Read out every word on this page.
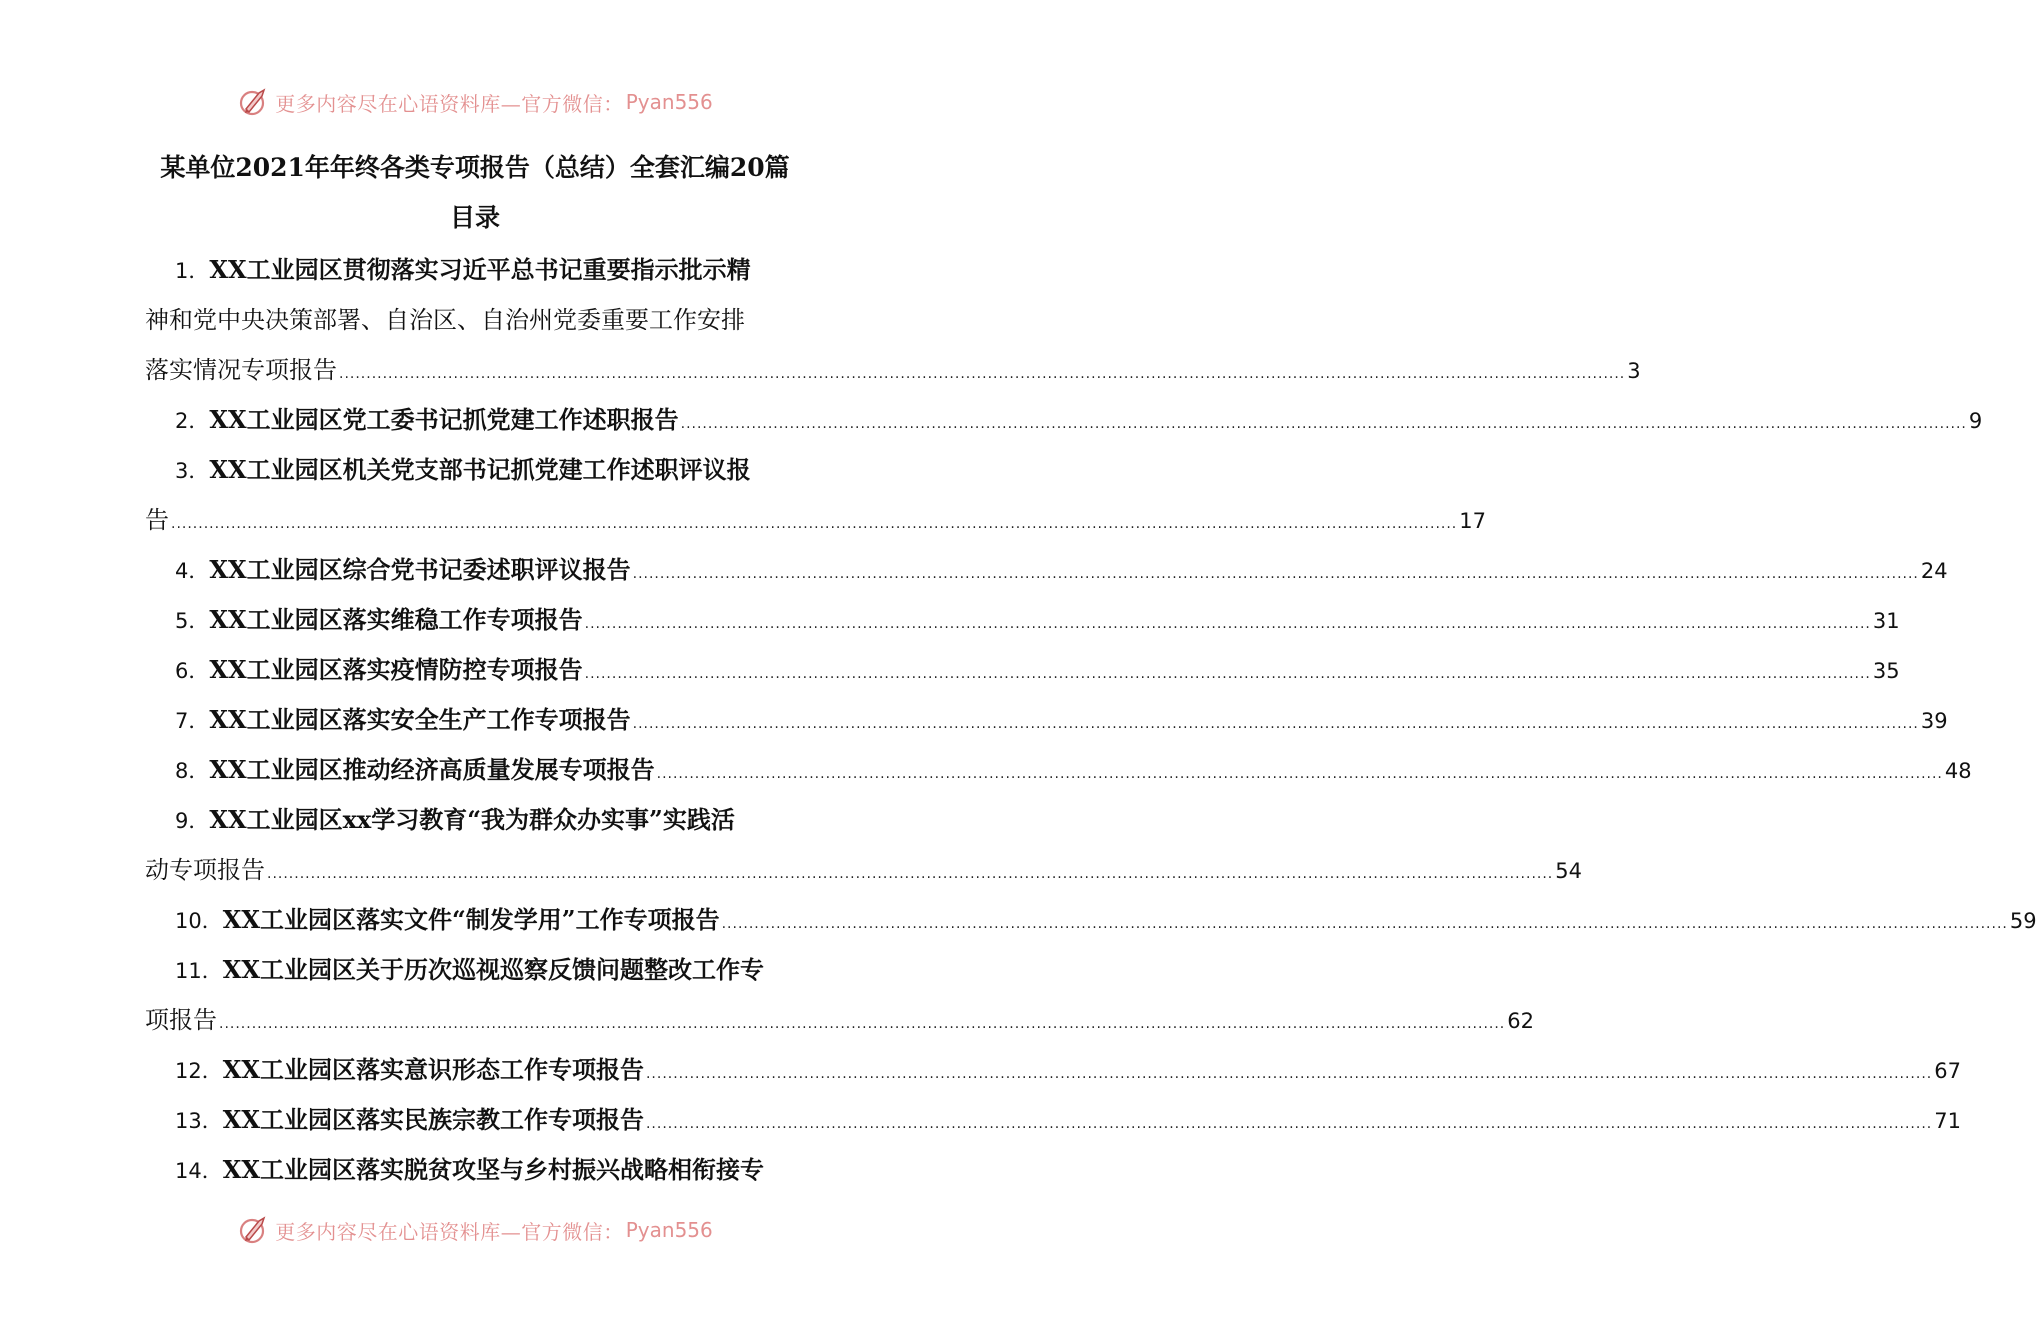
更多内容尽在心语资料库—官方微信： Pyan556
某单位2021年年终各类专项报告（总结）全套汇编20篇
目录
1．XX工业园区贯彻落实习近平总书记重要指示批示精
神和党中央决策部署、自治区、自治州党委重要工作安排
落实情况专项报告 ............................................................................................................................................................................................................................................ 3
2． XX工业园区党工委书记抓党建工作述职报告 ............................................................................................................................................................................................................................................ 9
3．XX工业园区机关党支部书记抓党建工作述职评议报
告 ............................................................................................................................................................................................................................................ 17
4． XX工业园区综合党书记委述职评议报告 ............................................................................................................................................................................................................................................ 24
5． XX工业园区落实维稳工作专项报告 ............................................................................................................................................................................................................................................ 31
6． XX工业园区落实疫情防控专项报告 ............................................................................................................................................................................................................................................ 35
7． XX工业园区落实安全生产工作专项报告 ............................................................................................................................................................................................................................................ 39
8． XX工业园区推动经济高质量发展专项报告 ............................................................................................................................................................................................................................................ 48
9．XX工业园区xx学习教育“我为群众办实事”实践活
动专项报告 ............................................................................................................................................................................................................................................ 54
10． XX工业园区落实文件“制发学用”工作专项报告 ............................................................................................................................................................................................................................................ 59
11．XX工业园区关于历次巡视巡察反馈问题整改工作专
项报告 ............................................................................................................................................................................................................................................ 62
12． XX工业园区落实意识形态工作专项报告 ............................................................................................................................................................................................................................................ 67
13． XX工业园区落实民族宗教工作专项报告 ............................................................................................................................................................................................................................................ 71
14．XX工业园区落实脱贫攻坚与乡村振兴战略相衔接专
更多内容尽在心语资料库—官方微信： Pyan556
